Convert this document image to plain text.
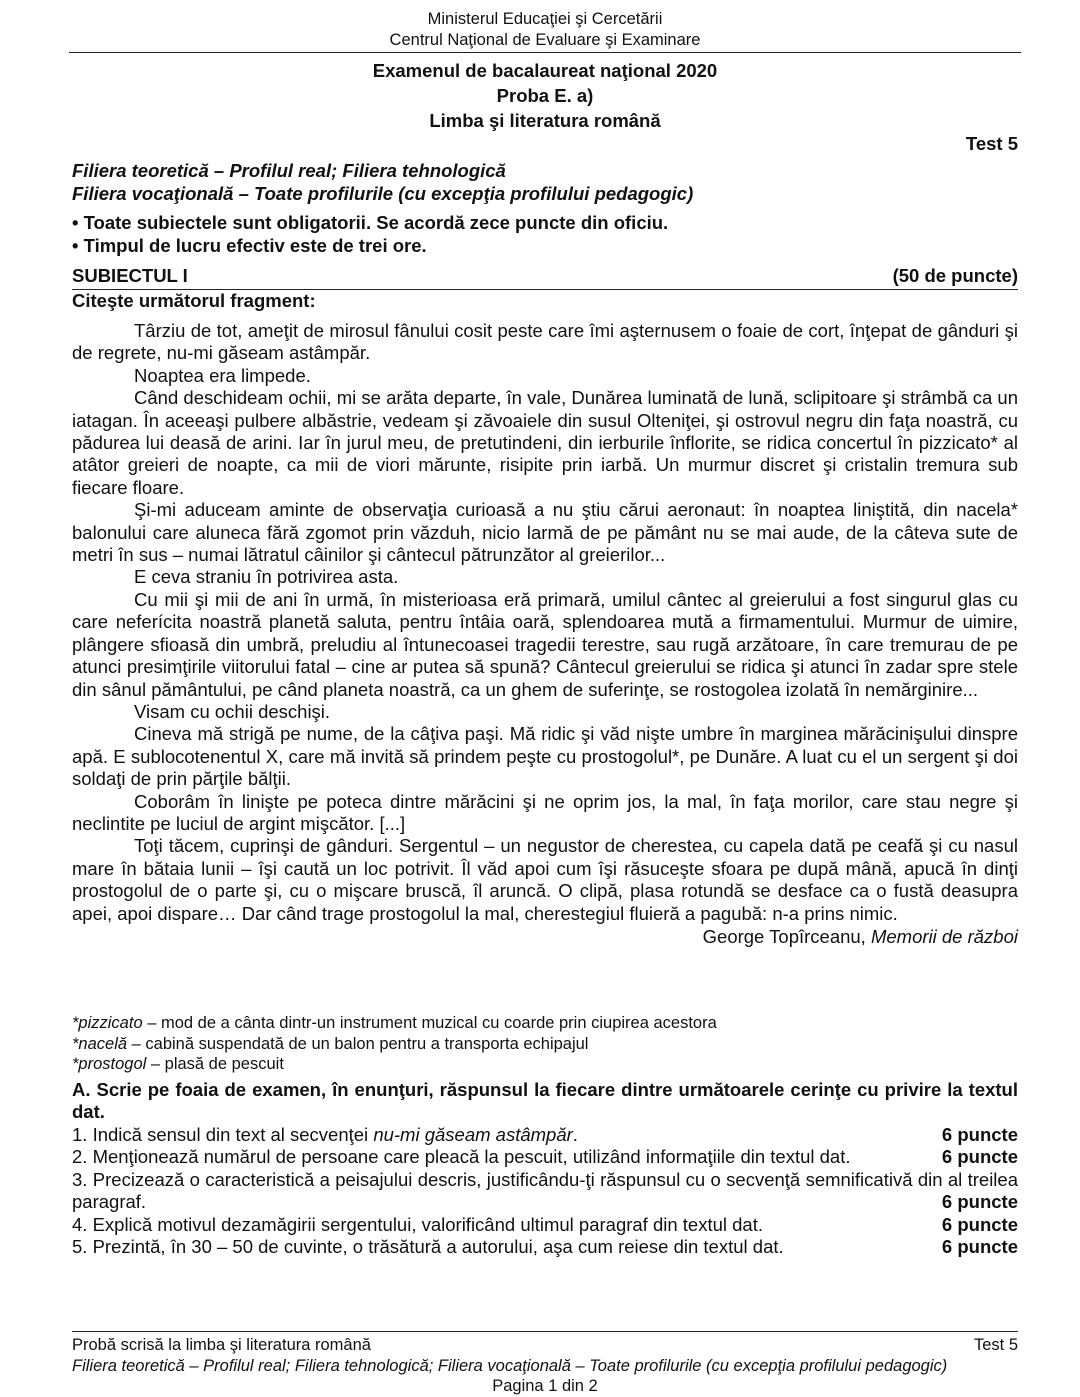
Ministerul Educaţiei şi Cercetării
Centrul Naţional de Evaluare şi Examinare
Examenul de bacalaureat naţional 2020
Proba E. a)
Limba şi literatura română
Test 5
Filiera teoretică – Profilul real; Filiera tehnologică
Filiera vocaţională – Toate profilurile (cu excepţia profilului pedagogic)
• Toate subiectele sunt obligatorii. Se acordă zece puncte din oficiu.
• Timpul de lucru efectiv este de trei ore.
SUBIECTUL I	(50 de puncte)
Citeşte următorul fragment:

Târziu de tot, ameţit de mirosul fânului cosit peste care îmi aşternusem o foaie de cort, înţepat de gânduri şi de regrete, nu-mi găseam astâmpăr.

Noaptea era limpede.

Când deschideam ochii, mi se arăta departe, în vale, Dunărea luminată de lună, sclipitoare şi strâmbă ca un iatagan. În aceeaşi pulbere albăstrie, vedeam şi zăvoaiele din susul Olteniţei, şi ostrovul negru din faţa noastră, cu pădurea lui deasă de arini. Iar în jurul meu, de pretutindeni, din ierburile înflorite, se ridica concertul în pizzicato* al atâtor greieri de noapte, ca mii de viori mărunte, risipite prin iarbă. Un murmur discret şi cristalin tremura sub fiecare floare.

Şi-mi aduceam aminte de observaţia curioasă a nu ştiu cărui aeronaut: în noaptea liniştită, din nacela* balonului care aluneca fără zgomot prin văzduh, nicio larmă de pe pământ nu se mai aude, de la câteva sute de metri în sus – numai lătratul câinilor şi cântecul pătrunzător al greierilor...

E ceva straniu în potrivirea asta.

Cu mii şi mii de ani în urmă, în misterioasa eră primară, umilul cântec al greierului a fost singurul glas cu care neferícita noastră planetă saluta, pentru întâia oară, splendoarea mută a firmamentului. Murmur de uimire, plângere sfioasă din umbră, preludiu al întunecoasei tragedii terestre, sau rugă arzătoare, în care tremurau de pe atunci presimţirile viitorului fatal – cine ar putea să spună? Cântecul greierului se ridica şi atunci în zadar spre stele din sânul pământului, pe când planeta noastră, ca un ghem de suferinţe, se rostogolea izolată în nemărginire...

Visam cu ochii deschişi.

Cineva mă strigă pe nume, de la câţiva paşi. Mă ridic şi văd nişte umbre în marginea mărăcinişului dinspre apă. E sublocotenentul X, care mă invită să prindem peşte cu prostogolul*, pe Dunăre. A luat cu el un sergent şi doi soldaţi de prin părţile bălţii.

Coborâm în linişte pe poteca dintre mărăcini şi ne oprim jos, la mal, în faţa morilor, care stau negre şi neclintite pe luciul de argint mişcător. [...]

Toţi tăcem, cuprinşi de gânduri. Sergentul – un negustor de cherestea, cu capela dată pe ceafă şi cu nasul mare în bătaia lunii – îşi caută un loc potrivit. Îl văd apoi cum îşi răsuceşte sfoara pe după mână, apucă în dinţi prostogolul de o parte şi, cu o mişcare bruscă, îl aruncă. O clipă, plasa rotundă se desface ca o fustă deasupra apei, apoi dispare… Dar când trage prostogolul la mal, cherestegiul fluieră a pagubă: n-a prins nimic.

George Topîrceanu, Memorii de război
*pizzicato – mod de a cânta dintr-un instrument muzical cu coarde prin ciupirea acestora
*nacelă – cabină suspendată de un balon pentru a transporta echipajul
*prostogol – plasă de pescuit
A. Scrie pe foaia de examen, în enunţuri, răspunsul la fiecare dintre următoarele cerinţe cu privire la textul dat.
1. Indică sensul din text al secvenţei nu-mi găseam astâmpăr.	6 puncte
2. Menţionează numărul de persoane care pleacă la pescuit, utilizând informaţiile din textul dat.	6 puncte
3. Precizează o caracteristică a peisajului descris, justificându-ţi răspunsul cu o secvenţă semnificativă din al treilea paragraf.	6 puncte
4. Explică motivul dezamăgirii sergentului, valorificând ultimul paragraf din textul dat.	6 puncte
5. Prezintă, în 30 – 50 de cuvinte, o trăsătură a autorului, aşa cum reiese din textul dat.	6 puncte
Probă scrisă la limba şi literatura română	Test 5
Filiera teoretică – Profilul real; Filiera tehnologică; Filiera vocaţională – Toate profilurile (cu excepţia profilului pedagogic)
Pagina 1 din 2
